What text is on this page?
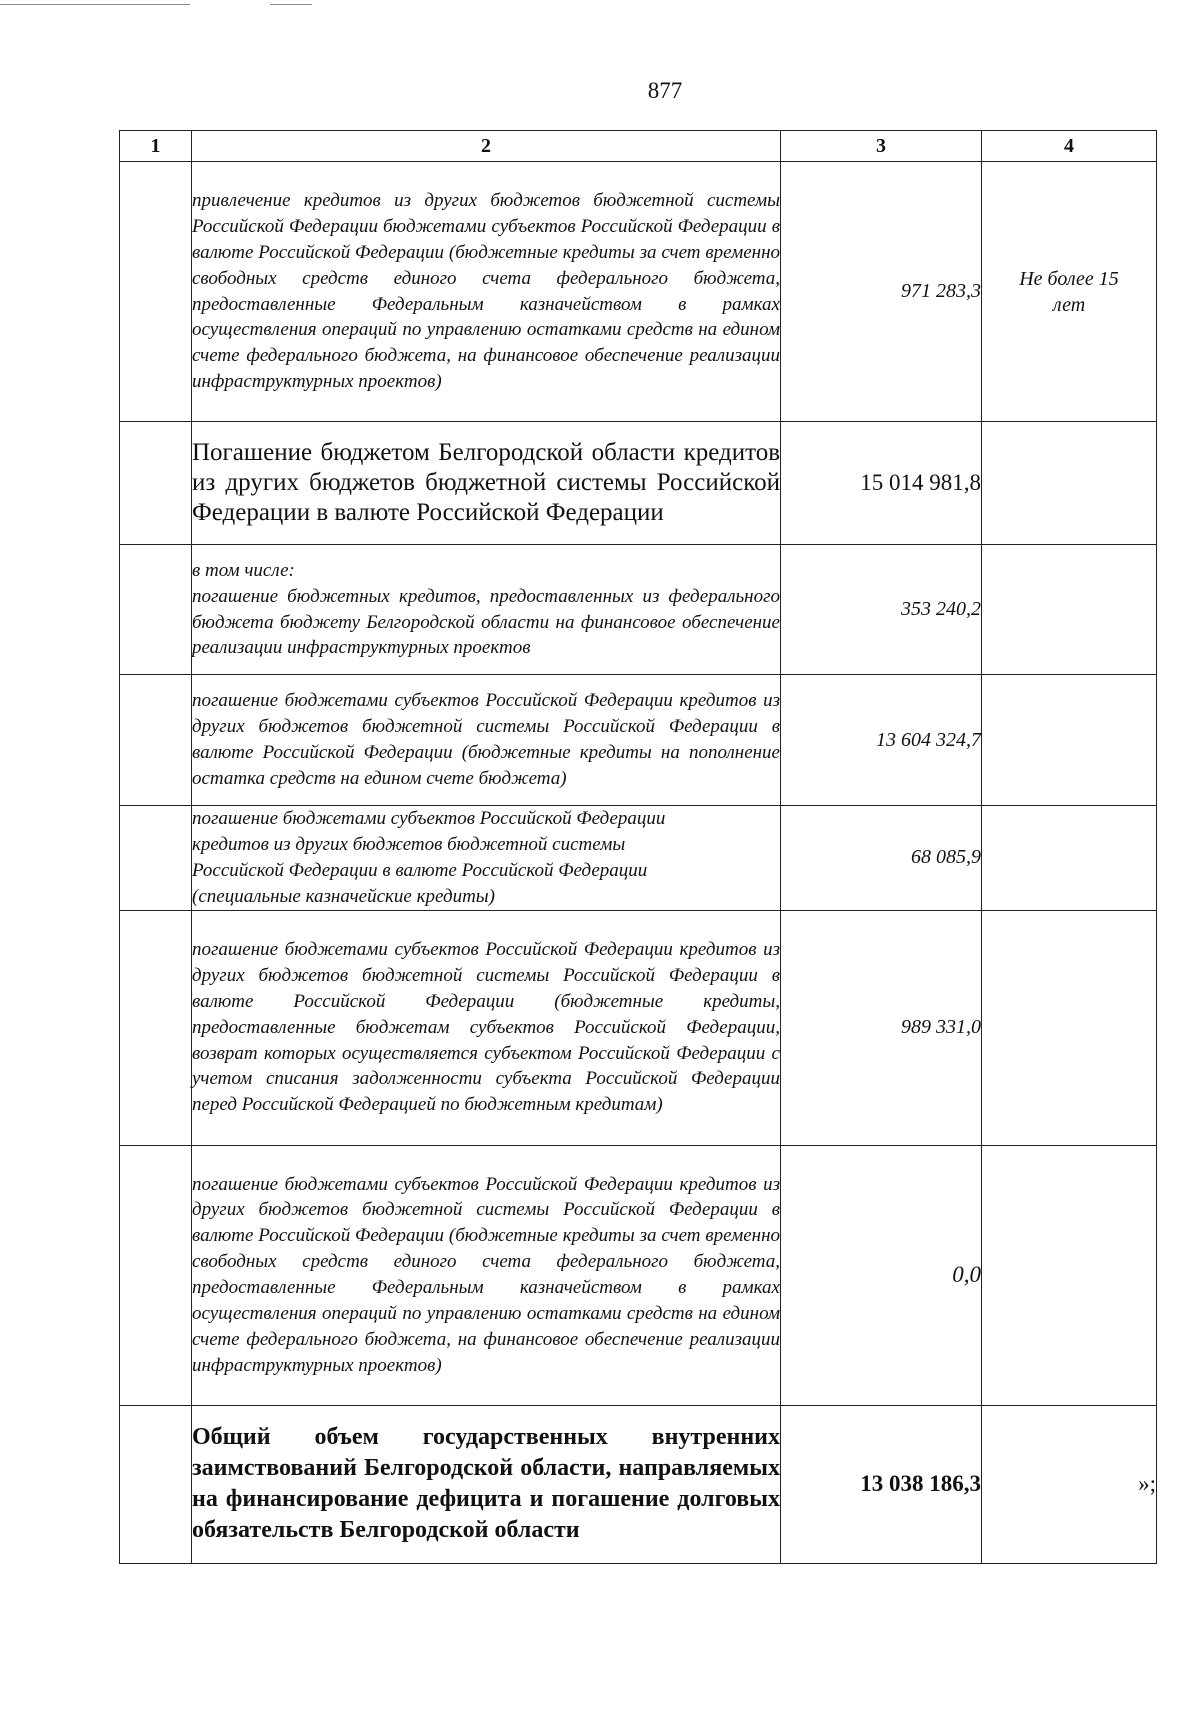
877
1	2	3	4
	привлечение кредитов из других бюджетов бюджетной системы Российской Федерации бюджетами субъектов Российской Федерации в валюте Российской Федерации (бюджетные кредиты за счет временно свободных средств единого счета федерального бюджета, предоставленные Федеральным казначейством в рамках осуществления операций по управлению остатками средств на едином счете федерального бюджета, на финансовое обеспечение реализации инфраструктурных проектов)	971 283,3	Не более 15
лет

	Погашение бюджетом Белгородской области кредитов из других бюджетов бюджетной системы Российской Федерации в валюте Российской Федерации	15 014 981,8	

	в том числе:
погашение бюджетных кредитов, предоставленных из федерального бюджета бюджету Белгородской области на финансовое обеспечение реализации инфраструктурных проектов	353 240,2	
	погашение бюджетами субъектов Российской Федерации кредитов из других бюджетов бюджетной системы Российской Федерации в валюте Российской Федерации (бюджетные кредиты на пополнение остатка средств на едином счете бюджета)	13 604 324,7	

	погашение бюджетами субъектов Российской Федерации
кредитов из других бюджетов бюджетной системы
Российской Федерации в валюте Российской Федерации
(специальные казначейские кредиты)	68 085,9	
	погашение бюджетами субъектов Российской Федерации кредитов из других бюджетов бюджетной системы Российской Федерации в валюте Российской Федерации (бюджетные кредиты, предоставленные бюджетам субъектов Российской Федерации, возврат которых осуществляется субъектом Российской Федерации с учетом списания задолженности субъекта Российской Федерации перед Российской Федерацией по бюджетным кредитам)	989 331,0	
	погашение бюджетами субъектов Российской Федерации кредитов из других бюджетов бюджетной системы Российской Федерации в валюте Российской Федерации (бюджетные кредиты за счет временно свободных средств единого счета федерального бюджета, предоставленные Федеральным казначейством в рамках осуществления операций по управлению остатками средств на едином счете федерального бюджета, на финансовое обеспечение реализации инфраструктурных проектов)	0,0	
	Общий объем государственных внутренних заимствований Белгородской области, направляемых на финансирование дефицита и погашение долговых обязательств Белгородской области	13 038 186,3	»;
